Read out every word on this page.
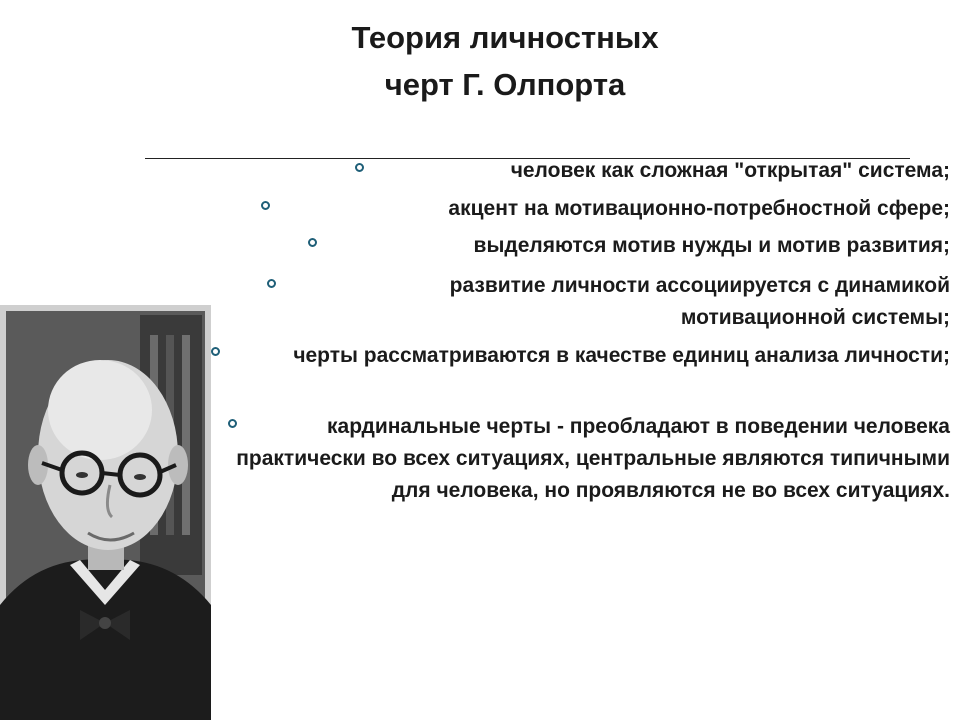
Теория личностных
черт Г. Олпорта
человек как сложная "открытая" система;
акцент на мотивационно-потребностной сфере;
выделяются мотив нужды и мотив развития;
развитие личности ассоциируется с динамикой мотивационной системы;
черты рассматриваются в качестве единиц анализа личности;
кардинальные черты - преобладают в поведении человека практически во всех ситуациях, центральные являются типичными для человека, но проявляются не во всех ситуациях.
